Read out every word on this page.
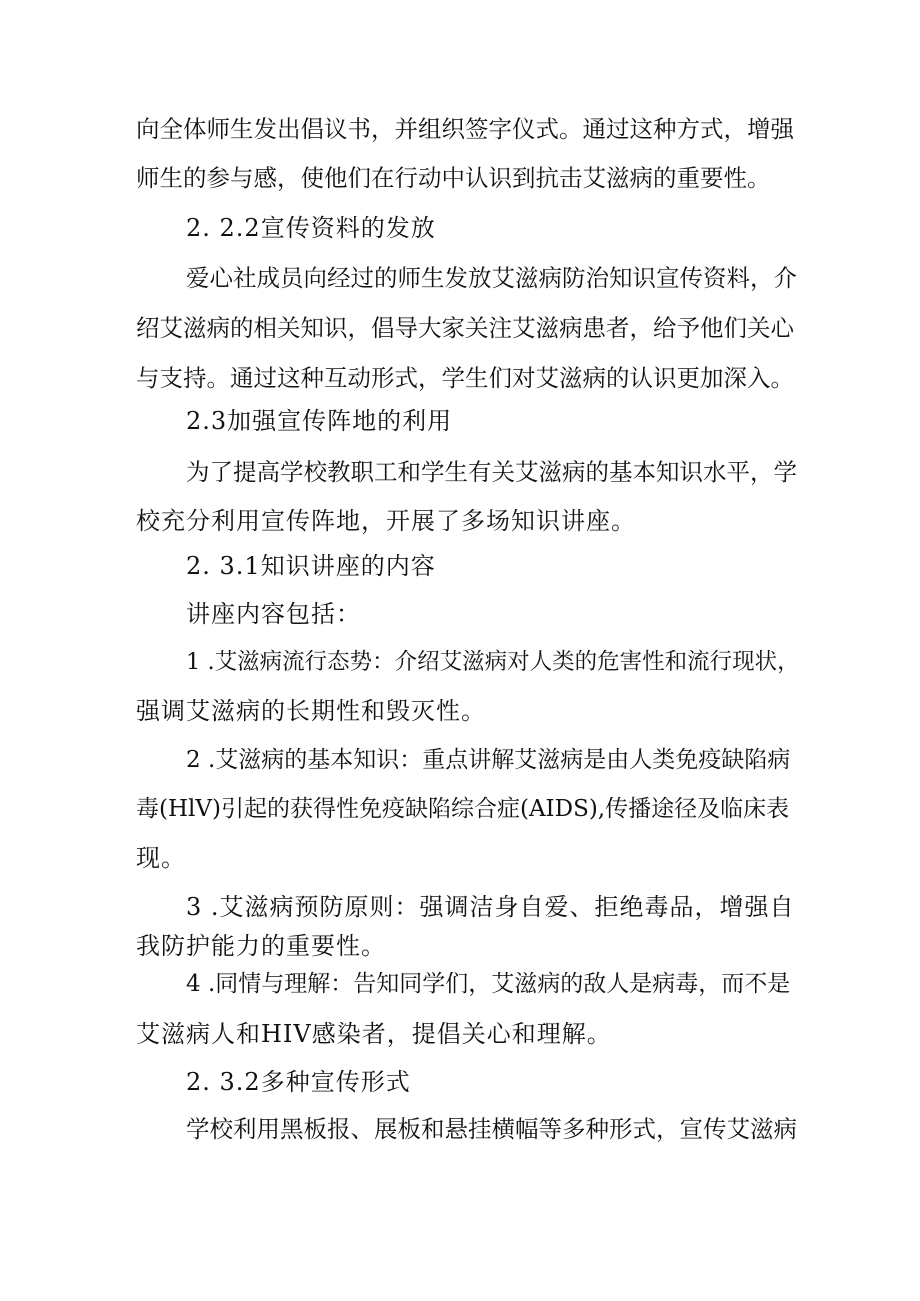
向全体师生发出倡议书，并组织签字仪式。通过这种方式，增强
师生的参与感，使他们在行动中认识到抗击艾滋病的重要性。
2. 2.2宣传资料的发放
爱心社成员向经过的师生发放艾滋病防治知识宣传资料，介
绍艾滋病的相关知识，倡导大家关注艾滋病患者，给予他们关心
与支持。通过这种互动形式，学生们对艾滋病的认识更加深入。
2.3加强宣传阵地的利用
为了提高学校教职工和学生有关艾滋病的基本知识水平，学
校充分利用宣传阵地，开展了多场知识讲座。
2. 3.1知识讲座的内容
讲座内容包括：
1 .艾滋病流行态势：介绍艾滋病对人类的危害性和流行现状，
强调艾滋病的长期性和毁灭性。
2 .艾滋病的基本知识：重点讲解艾滋病是由人类免疫缺陷病
毒(HlV)引起的获得性免疫缺陷综合症(AIDS),传播途径及临床表
现。
3 .艾滋病预防原则：强调洁身自爱、拒绝毒品，增强自
我防护能力的重要性。
4 .同情与理解：告知同学们，艾滋病的敌人是病毒，而不是
艾滋病人和HIV感染者，提倡关心和理解。
2. 3.2多种宣传形式
学校利用黑板报、展板和悬挂横幅等多种形式，宣传艾滋病
